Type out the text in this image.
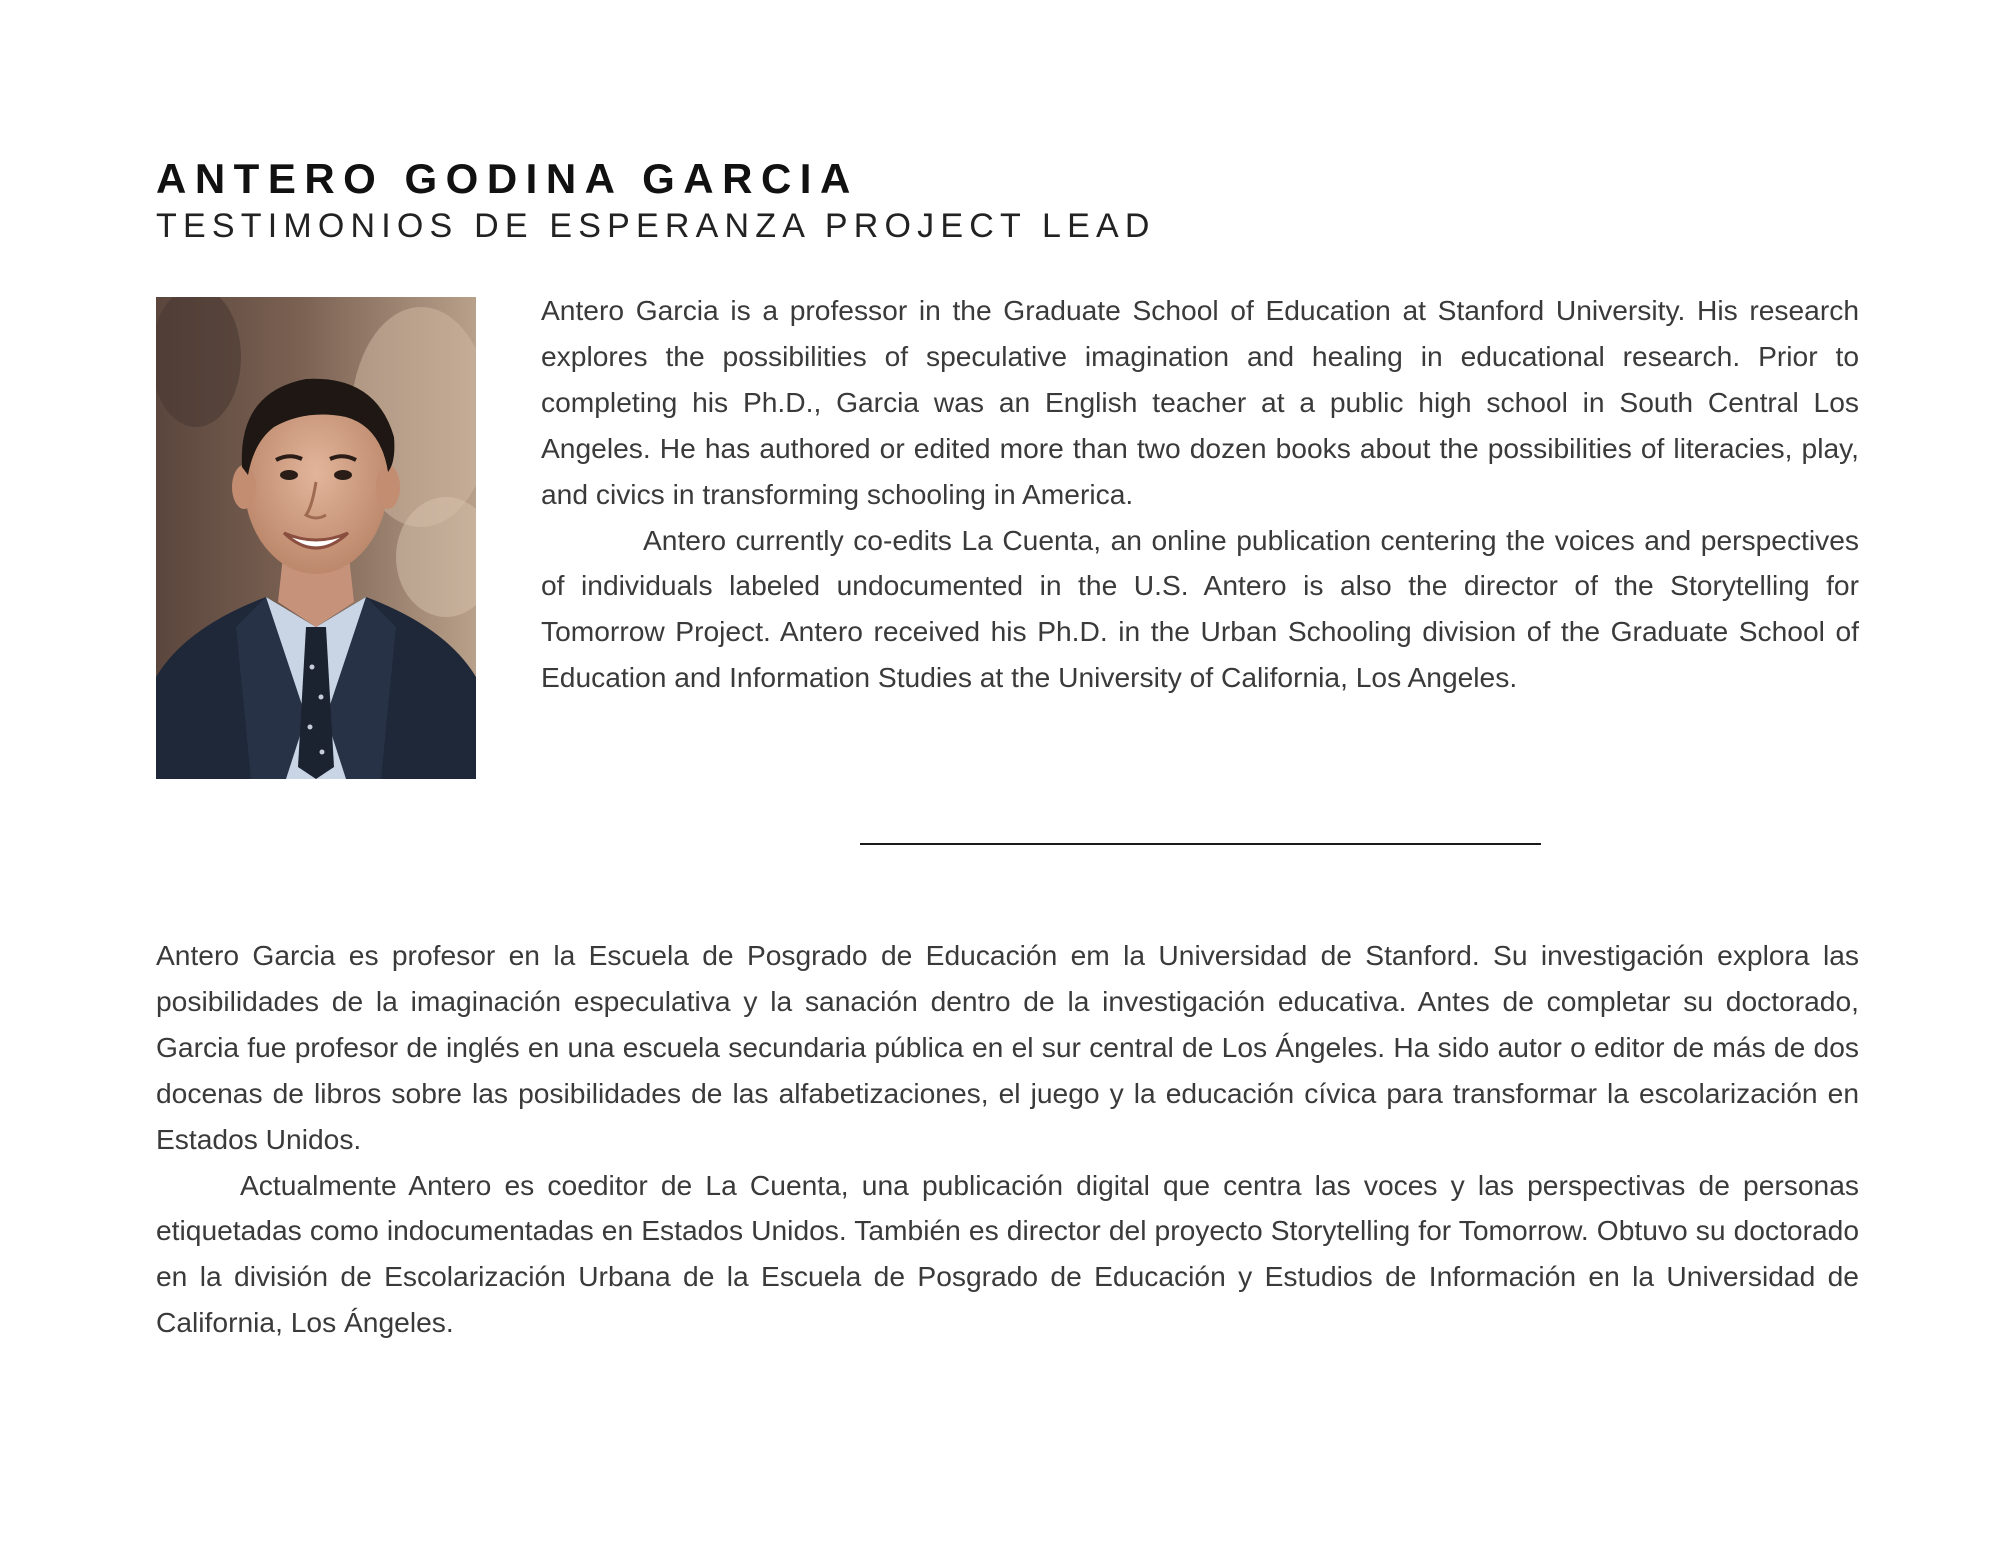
ANTERO GODINA GARCIA
TESTIMONIOS DE ESPERANZA PROJECT LEAD

Antero Garcia is a professor in the Graduate School of Education at Stanford University. His research explores the possibilities of speculative imagination and healing in educational research. Prior to completing his Ph.D., Garcia was an English teacher at a public high school in South Central Los Angeles. He has authored or edited more than two dozen books about the possibilities of literacies, play, and civics in transforming schooling in America.

Antero currently co-edits La Cuenta, an online publication centering the voices and perspectives of individuals labeled undocumented in the U.S. Antero is also the director of the Storytelling for Tomorrow Project. Antero received his Ph.D. in the Urban Schooling division of the Graduate School of Education and Information Studies at the University of California, Los Angeles.

Antero Garcia es profesor en la Escuela de Posgrado de Educación em la Universidad de Stanford. Su investigación explora las posibilidades de la imaginación especulativa y la sanación dentro de la investigación educativa. Antes de completar su doctorado, Garcia fue profesor de inglés en una escuela secundaria pública en el sur central de Los Ángeles. Ha sido autor o editor de más de dos docenas de libros sobre las posibilidades de las alfabetizaciones, el juego y la educación cívica para transformar la escolarización en Estados Unidos.

Actualmente Antero es coeditor de La Cuenta, una publicación digital que centra las voces y las perspectivas de personas etiquetadas como indocumentadas en Estados Unidos. También es director del proyecto Storytelling for Tomorrow. Obtuvo su doctorado en la división de Escolarización Urbana de la Escuela de Posgrado de Educación y Estudios de Información en la Universidad de California, Los Ángeles.
